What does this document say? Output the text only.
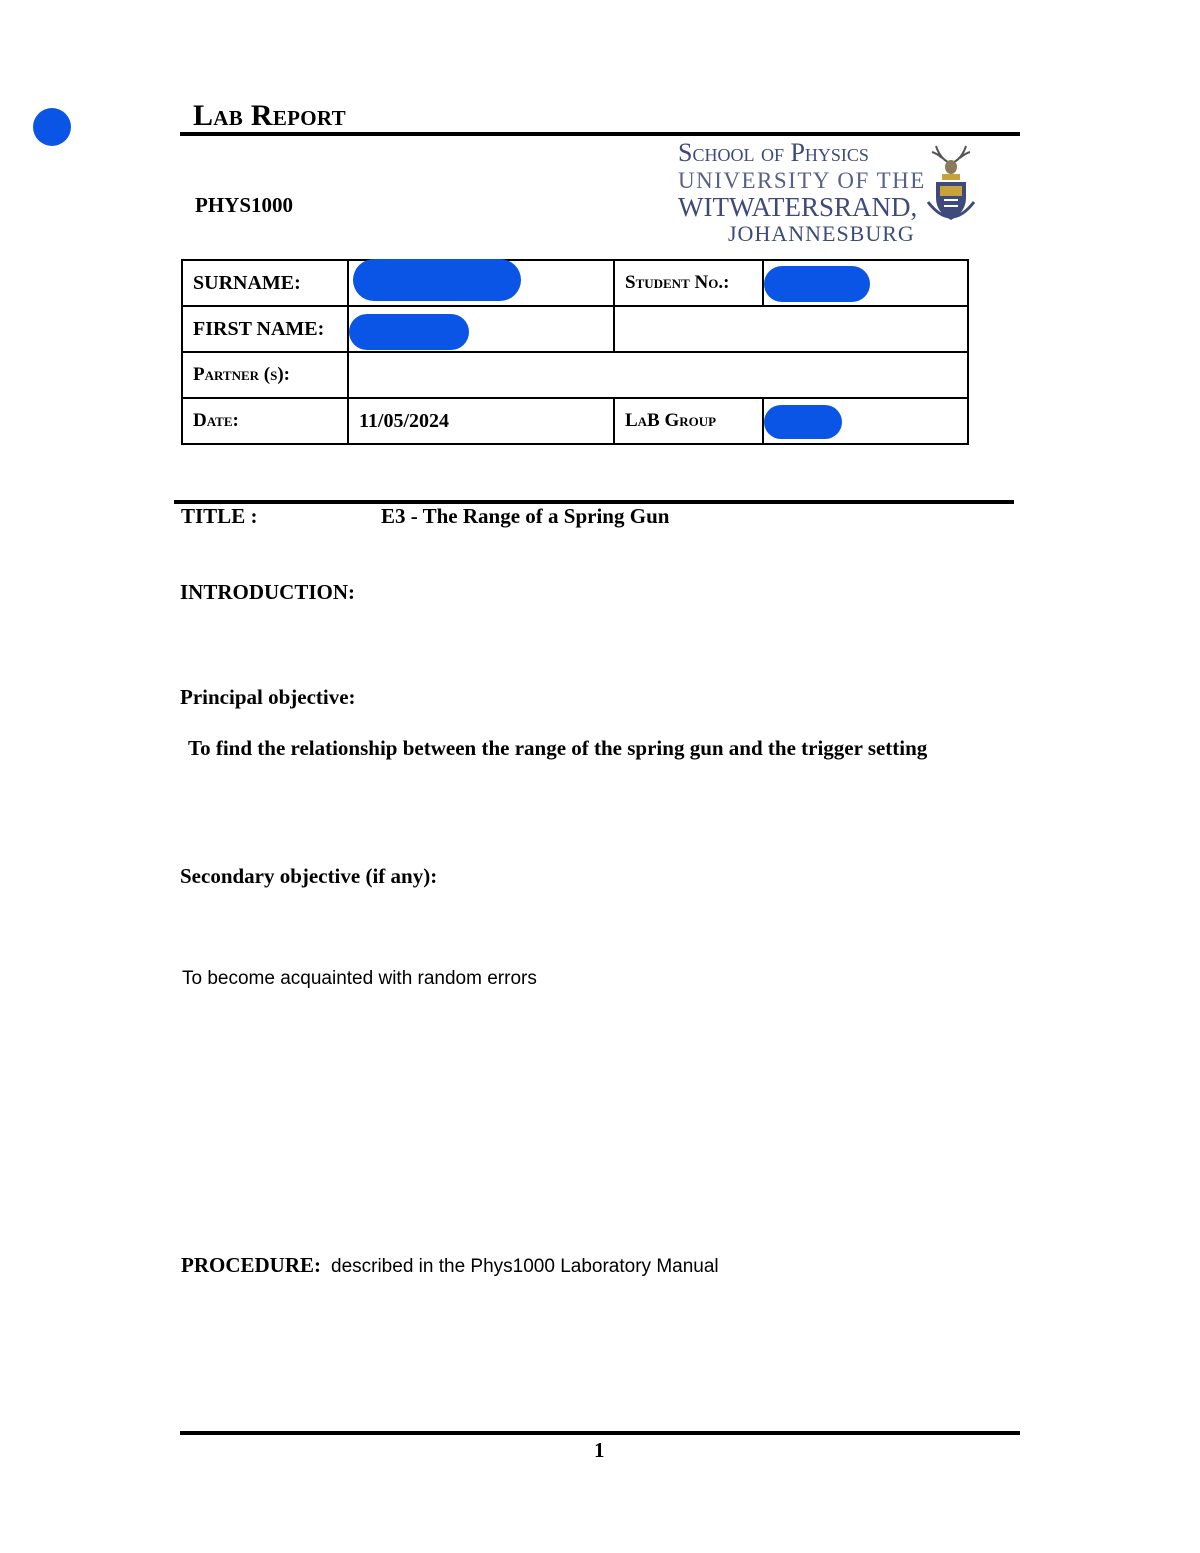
Lab Report
PHYS1000
School of Physics
UNIVERSITY OF THE
WITWATERSRAND,
JOHANNESBURG
SURNAME:		Student No.:	

FIRST NAME:		

Partner (s):			
Date:	11/05/2024	LaB Group	
TITLE :	E3 - The Range of a Spring Gun
INTRODUCTION:
Principal objective:
To find the relationship between the range of the spring gun and the trigger setting
Secondary objective (if any):
To become acquainted with random errors
PROCEDURE: described in the Phys1000 Laboratory Manual
1
